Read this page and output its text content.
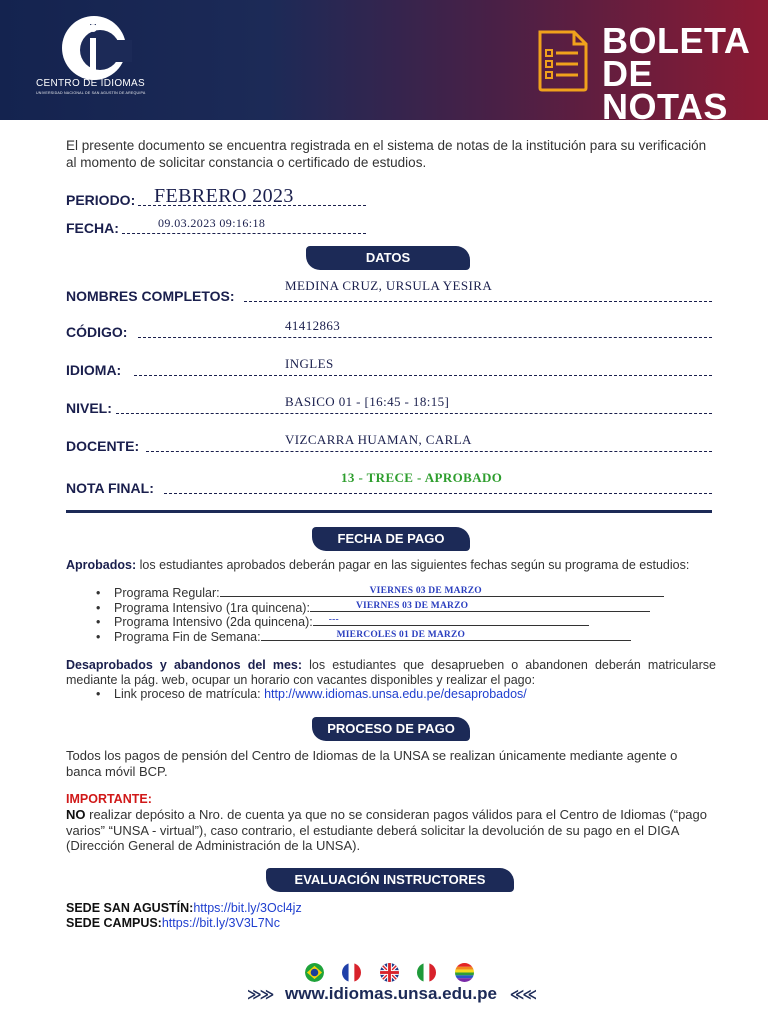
CENTRO DE IDIOMAS
UNIVERSIDAD NACIONAL DE SAN AGUSTÍN DE AREQUIPA
BOLETA
DE NOTAS
El presente documento se encuentra registrada en el sistema de notas de la institución para su verificación al momento de solicitar constancia o certificado de estudios.
PERIODO: FEBRERO 2023
FECHA:	09.03.2023 09:16:18
DATOS
NOMBRES COMPLETOS:
MEDINA CRUZ, URSULA YESIRA
CÓDIGO:	41412863
IDIOMA:	INGLES
NIVEL:	BASICO 01 - [16:45 - 18:15]
DOCENTE:	VIZCARRA HUAMAN, CARLA
NOTA FINAL:
13 - TRECE - APROBADO
FECHA DE PAGO
Aprobados: los estudiantes aprobados deberán pagar en las siguientes fechas según su programa de estudios:
• Programa Regular:	VIERNES 03 DE MARZO
• Programa Intensivo (1ra quincena):	VIERNES 03 DE MARZO
• Programa Intensivo (2da quincena): ---
• Programa Fin de Semana:	MIERCOLES 01 DE MARZO
Desaprobados y abandonos del mes: los estudiantes que desaprueben o abandonen deberán matricularse mediante la pág. web, ocupar un horario con vacantes disponibles y realizar el pago:
• Link proceso de matrícula: http://www.idiomas.unsa.edu.pe/desaprobados/
PROCESO DE PAGO
Todos los pagos de pensión del Centro de Idiomas de la UNSA se realizan únicamente mediante agente o banca móvil BCP.
IMPORTANTE:
NO realizar depósito a Nro. de cuenta ya que no se consideran pagos válidos para el Centro de Idiomas (“pago varios” “UNSA - virtual”), caso contrario, el estudiante deberá solicitar la devolución de su pago en el DIGA (Dirección General de Administración de la UNSA).
EVALUACIÓN INSTRUCTORES
SEDE SAN AGUSTÍN:https://bit.ly/3Ocl4jz
SEDE CAMPUS:https://bit.ly/3V3L7Nc
≫≫ www.idiomas.unsa.edu.pe ≪≪
